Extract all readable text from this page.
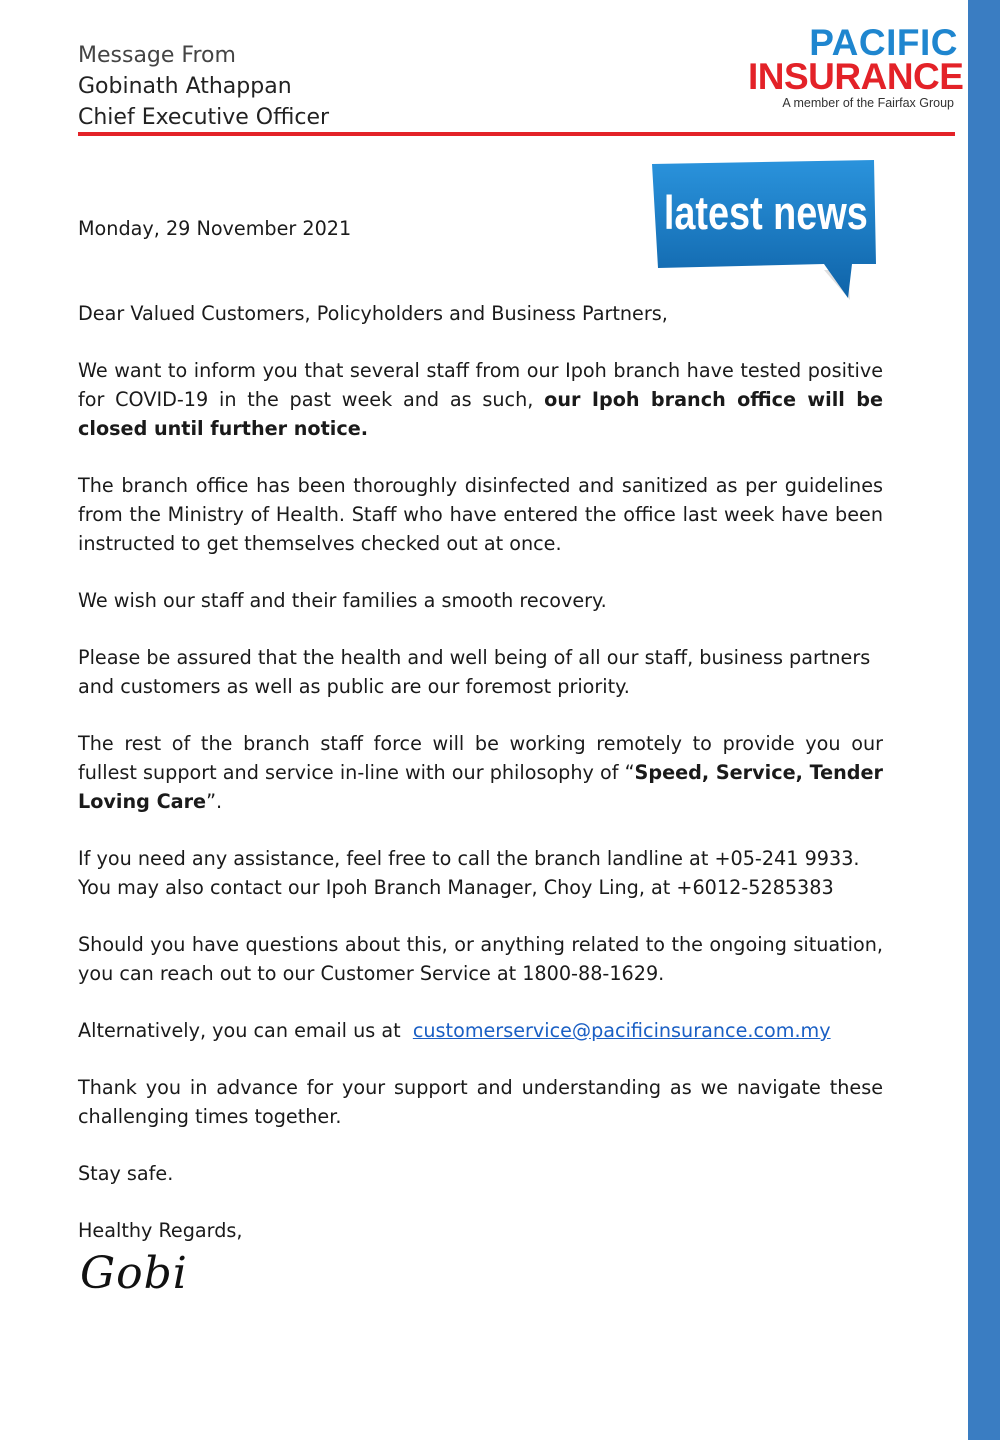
Message From
Gobinath Athappan
Chief Executive Officer
PACIFIC
INSURANCE
A member of the Fairfax Group
latest news

Monday, 29 November 2021

Dear Valued Customers, Policyholders and Business Partners,

We want to inform you that several staff from our Ipoh branch have tested positive for COVID-19 in the past week and as such, our Ipoh branch office will be closed until further notice.

The branch office has been thoroughly disinfected and sanitized as per guidelines from the Ministry of Health. Staff who have entered the office last week have been instructed to get themselves checked out at once.

We wish our staff and their families a smooth recovery.

Please be assured that the health and well being of all our staff, business partners and customers as well as public are our foremost priority.

The rest of the branch staff force will be working remotely to provide you our fullest support and service in-line with our philosophy of “Speed, Service, Tender Loving Care”.

If you need any assistance, feel free to call the branch landline at +05-241 9933.
You may also contact our Ipoh Branch Manager, Choy Ling, at +6012-5285383

Should you have questions about this, or anything related to the ongoing situation, you can reach out to our Customer Service at 1800-88-1629.

Alternatively, you can email us at customerservice@pacificinsurance.com.my

Thank you in advance for your support and understanding as we navigate these challenging times together.

Stay safe.

Healthy Regards,

Gobi
